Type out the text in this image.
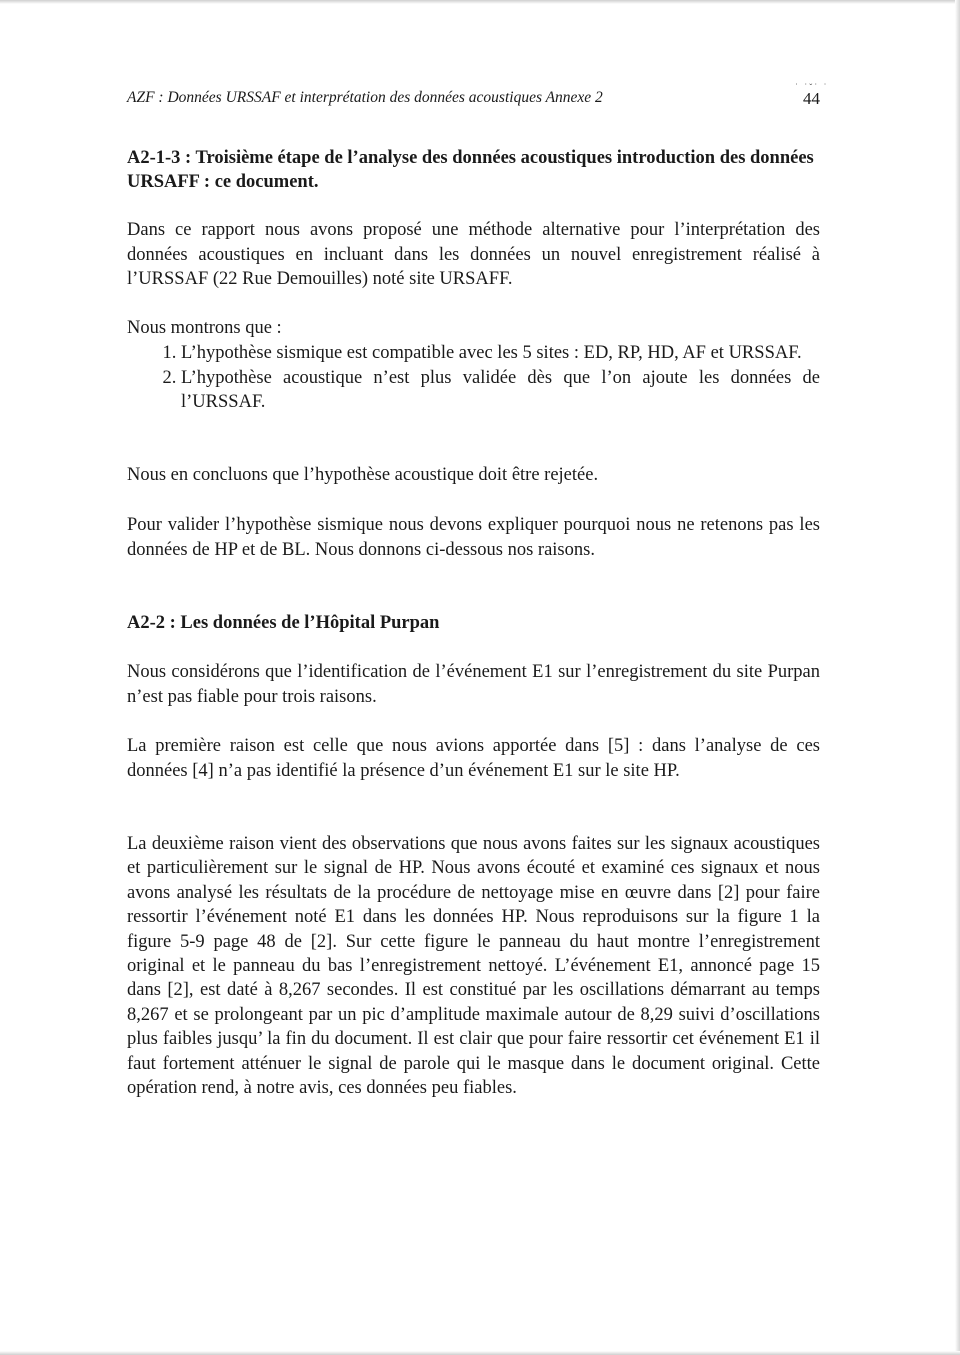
˙ ˙ˇ˙ ˙
AZF : Données URSSAF et interprétation des données acoustiques Annexe 2	44
A2-1-3 : Troisième étape de l’analyse des données acoustiques introduction des données URSAFF : ce document.

Dans ce rapport nous avons proposé une méthode alternative pour l’interprétation des données acoustiques en incluant dans les données un nouvel enregistrement réalisé à l’URSSAF (22 Rue Demouilles) noté site URSAFF.

Nous montrons que :

1. L’hypothèse sismique est compatible avec les 5 sites : ED, RP, HD, AF et URSSAF.
2. L’hypothèse acoustique n’est plus validée dès que l’on ajoute les données de l’URSSAF.

Nous en concluons que l’hypothèse acoustique doit être rejetée.

Pour valider l’hypothèse sismique nous devons expliquer pourquoi nous ne retenons pas les données de HP et de BL. Nous donnons ci-dessous nos raisons.

A2-2 : Les données de l’Hôpital Purpan

Nous considérons que l’identification de l’événement E1 sur l’enregistrement du site Purpan n’est pas fiable pour trois raisons.

La première raison est celle que nous avions apportée dans [5] : dans l’analyse de ces données [4] n’a pas identifié la présence d’un événement E1 sur le site HP.

La deuxième raison vient des observations que nous avons faites sur les signaux acoustiques et particulièrement sur le signal de HP. Nous avons écouté et examiné ces signaux et nous avons analysé les résultats de la procédure de nettoyage mise en œuvre dans [2] pour faire ressortir l’événement noté E1 dans les données HP. Nous reproduisons sur la figure 1 la figure 5-9 page 48 de [2]. Sur cette figure le panneau du haut montre l’enregistrement original et le panneau du bas l’enregistrement nettoyé. L’événement E1, annoncé page 15 dans [2], est daté à 8,267 secondes. Il est constitué par les oscillations démarrant au temps 8,267 et se prolongeant par un pic d’amplitude maximale autour de 8,29 suivi d’oscillations plus faibles jusqu’ la fin du document. Il est clair que pour faire ressortir cet événement E1 il faut fortement atténuer le signal de parole qui le masque dans le document original. Cette opération rend, à notre avis, ces données peu fiables.
